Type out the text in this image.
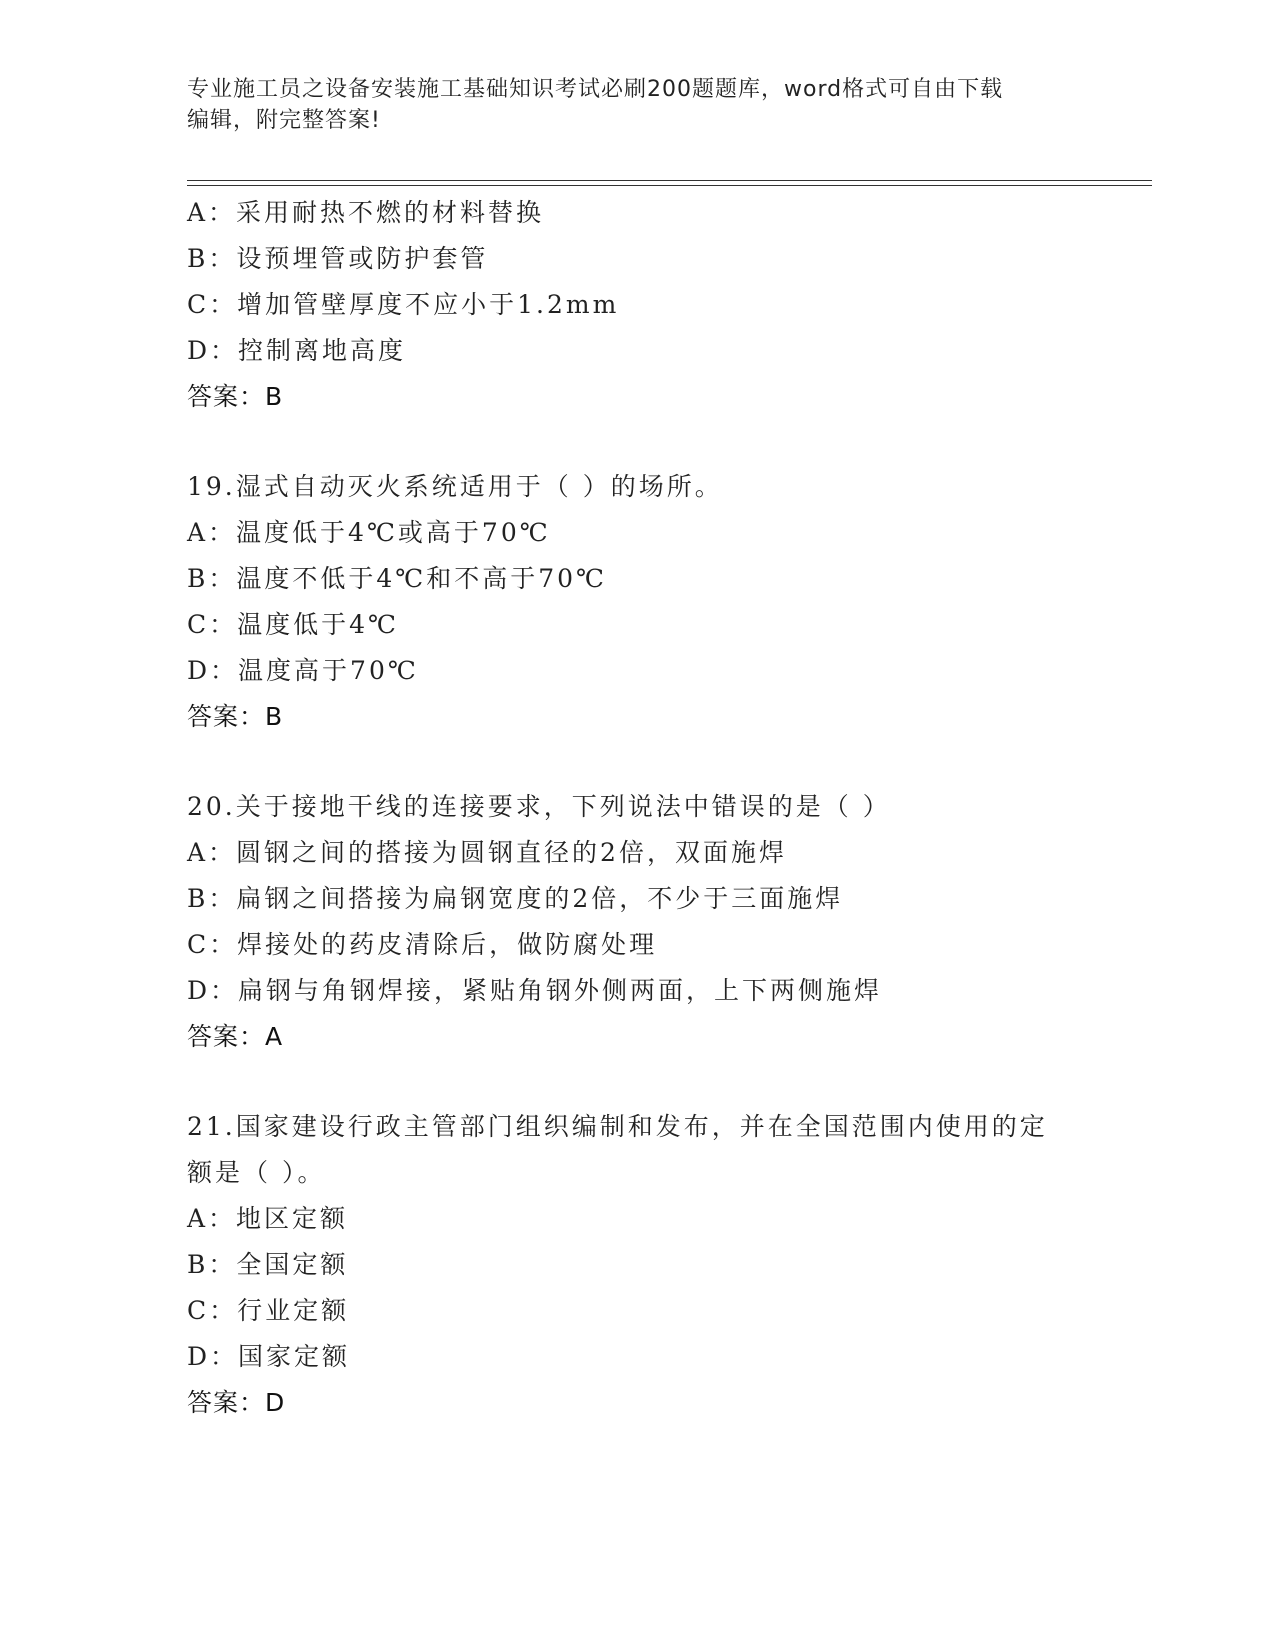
专业施工员之设备安装施工基础知识考试必刷200题题库，word格式可自由下载
编辑，附完整答案!
A：采用耐热不燃的材料替换
B：设预埋管或防护套管
C：增加管壁厚度不应小于1.2mm
D：控制离地高度
答案：B
19.湿式自动灭火系统适用于（ ）的场所。
A：温度低于4℃或高于70℃
B：温度不低于4℃和不高于70℃
C：温度低于4℃
D：温度高于70℃
答案：B
20.关于接地干线的连接要求，下列说法中错误的是（ ）
A：圆钢之间的搭接为圆钢直径的2倍，双面施焊
B：扁钢之间搭接为扁钢宽度的2倍，不少于三面施焊
C：焊接处的药皮清除后，做防腐处理
D：扁钢与角钢焊接，紧贴角钢外侧两面，上下两侧施焊
答案：A
21.国家建设行政主管部门组织编制和发布，并在全国范围内使用的定
额是（ ）。
A：地区定额
B：全国定额
C：行业定额
D：国家定额
答案：D
